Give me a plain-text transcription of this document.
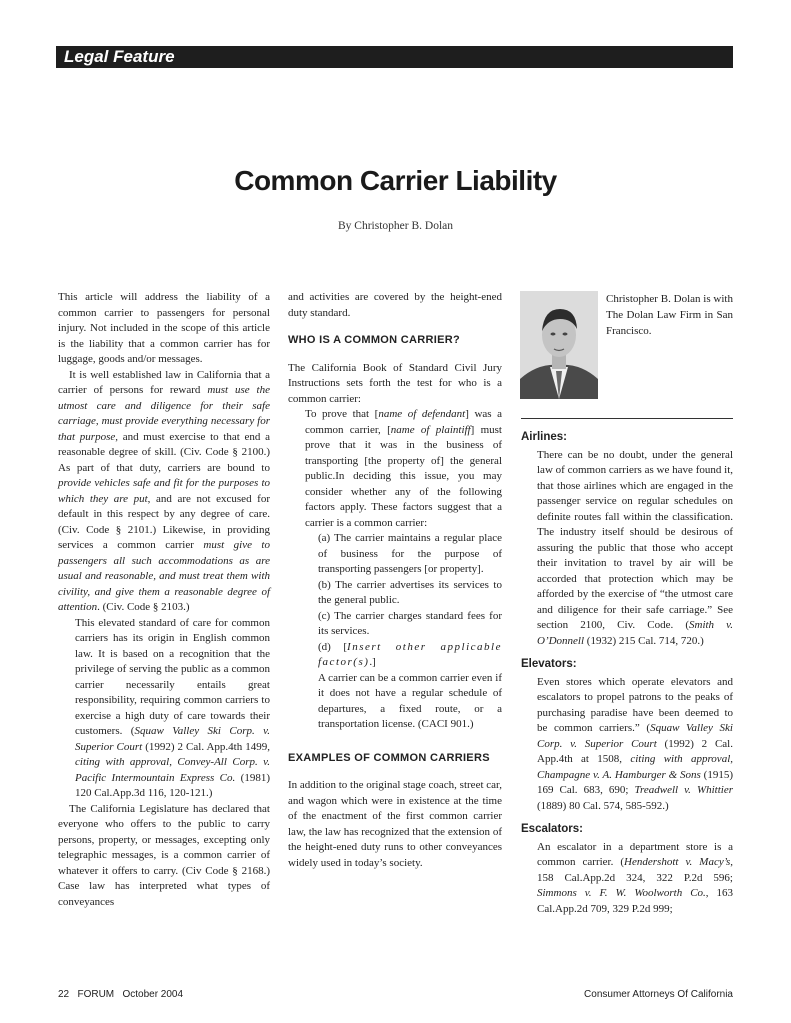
Legal Feature
Common Carrier Liability
By Christopher B. Dolan

This article will address the liability of a common carrier to passengers for personal injury. Not included in the scope of this article is the liability that a common carrier has for luggage, goods and/or messages.

It is well established law in California that a carrier of persons for reward must use the utmost care and diligence for their safe carriage, must provide everything necessary for that purpose, and must exercise to that end a reasonable degree of skill. (Civ. Code § 2100.) As part of that duty, carriers are bound to provide vehicles safe and fit for the purposes to which they are put, and are not excused for default in this respect by any degree of care. (Civ. Code § 2101.) Likewise, in providing services a common carrier must give to passengers all such accommodations as are usual and reasonable, and must treat them with civility, and give them a reasonable degree of attention. (Civ. Code § 2103.)

This elevated standard of care for common carriers has its origin in English common law. It is based on a recognition that the privilege of serving the public as a common carrier necessarily entails great responsibility, requiring common carriers to exercise a high duty of care towards their customers. (Squaw Valley Ski Corp. v. Superior Court (1992) 2 Cal. App.4th 1499, citing with approval, Convey-All Corp. v. Pacific Intermountain Express Co. (1981) 120 Cal.App.3d 116, 120-121.)

The California Legislature has declared that everyone who offers to the public to carry persons, property, or messages, excepting only telegraphic messages, is a common carrier of whatever it offers to carry. (Civ Code § 2168.) Case law has interpreted what types of conveyances

and activities are covered by the height-ened duty standard.

WHO IS A COMMON CARRIER?

The California Book of Standard Civil Jury Instructions sets forth the test for who is a common carrier:

To prove that [name of defendant] was a common carrier, [name of plaintiff] must prove that it was in the business of transporting [the property of] the general public.In deciding this issue, you may consider whether any of the following factors apply. These factors suggest that a carrier is a common carrier:

(a) The carrier maintains a regular place of business for the purpose of transporting passengers [or property].

(b) The carrier advertises its services to the general public.

(c) The carrier charges standard fees for its services.

(d) [Insert other applicable factor(s).]

A carrier can be a common carrier even if it does not have a regular schedule of departures, a fixed route, or a transportation license. (CACI 901.)

EXAMPLES OF COMMON CARRIERS

In addition to the original stage coach, street car, and wagon which were in existence at the time of the enactment of the first common carrier law, the law has recognized that the extension of the height-ened duty runs to other conveyances widely used in today’s society.

Christopher B. Dolan is with The Dolan Law Firm in San Francisco.
Airlines:

There can be no doubt, under the general law of common carriers as we have found it, that those airlines which are engaged in the passenger service on regular schedules on definite routes fall within the classification. The industry itself should be desirous of assuring the public that those who accept their invitation to travel by air will be accorded that protection which may be afforded by the exercise of “the utmost care and diligence for their safe carriage.” See section 2100, Civ. Code. (Smith v. O’Donnell (1932) 215 Cal. 714, 720.)

Elevators:

Even stores which operate elevators and escalators to propel patrons to the peaks of purchasing paradise have been deemed to be common carriers.” (Squaw Valley Ski Corp. v. Superior Court (1992) 2 Cal. App.4th at 1508, citing with approval, Champagne v. A. Hamburger & Sons (1915) 169 Cal. 683, 690; Treadwell v. Whittier (1889) 80 Cal. 574, 585-592.)

Escalators:

An escalator in a department store is a common carrier. (Hendershott v. Macy’s, 158 Cal.App.2d 324, 322 P.2d 596; Simmons v. F. W. Woolworth Co., 163 Cal.App.2d 709, 329 P.2d 999;

22   FORUM   October 2004	Consumer Attorneys Of California
